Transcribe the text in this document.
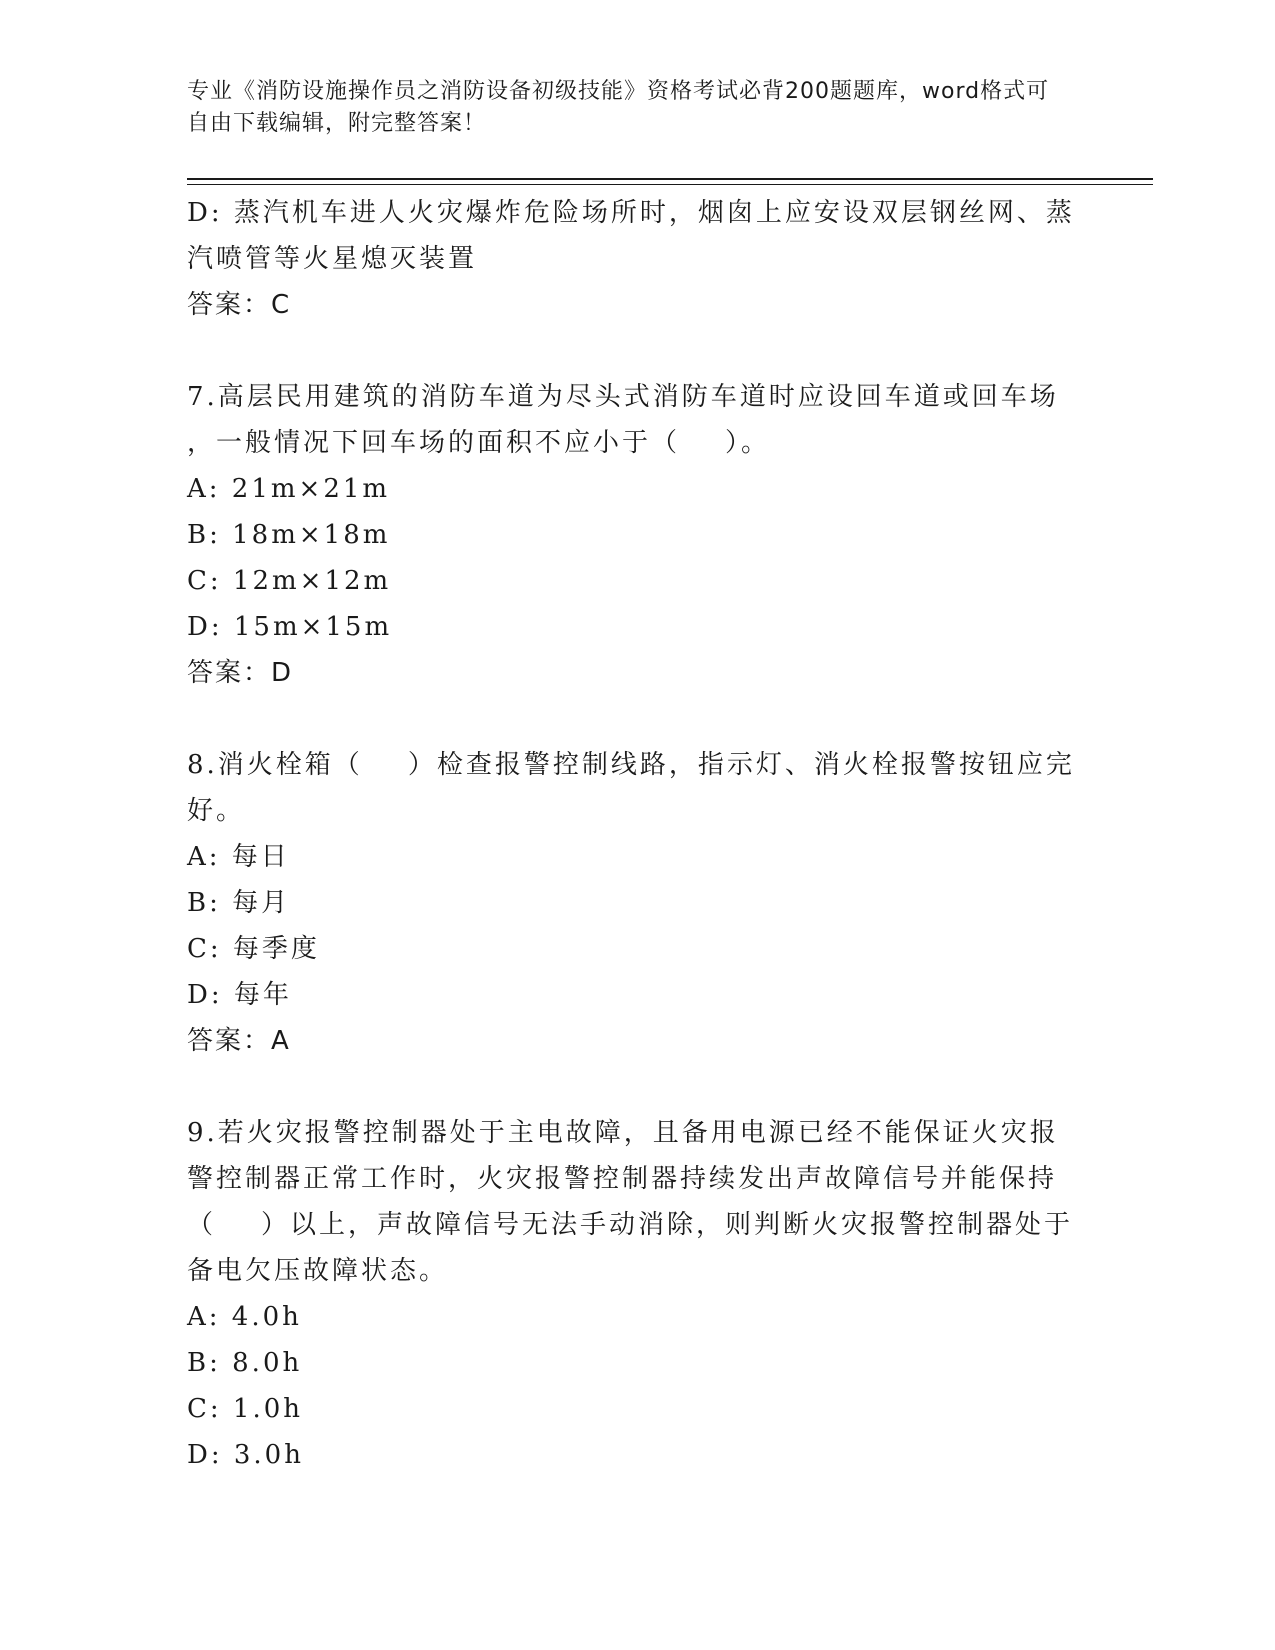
专业《消防设施操作员之消防设备初级技能》资格考试必背200题题库，word格式可自由下载编辑，附完整答案！
D: 蒸汽机车进人火灾爆炸危险场所时，烟囱上应安设双层钢丝网、蒸
汽喷管等火星熄灭装置
答案：C
7.高层民用建筑的消防车道为尽头式消防车道时应设回车道或回车场
，一般情况下回车场的面积不应小于（    ）。
A: 21m×21m
B: 18m×18m
C: 12m×12m
D: 15m×15m
答案：D
8.消火栓箱（    ）检查报警控制线路，指示灯、消火栓报警按钮应完
好。
A: 每日
B: 每月
C: 每季度
D: 每年
答案：A
9.若火灾报警控制器处于主电故障，且备用电源已经不能保证火灾报
警控制器正常工作时，火灾报警控制器持续发出声故障信号并能保持
（    ）以上，声故障信号无法手动消除，则判断火灾报警控制器处于
备电欠压故障状态。
A: 4.0h
B: 8.0h
C: 1.0h
D: 3.0h
